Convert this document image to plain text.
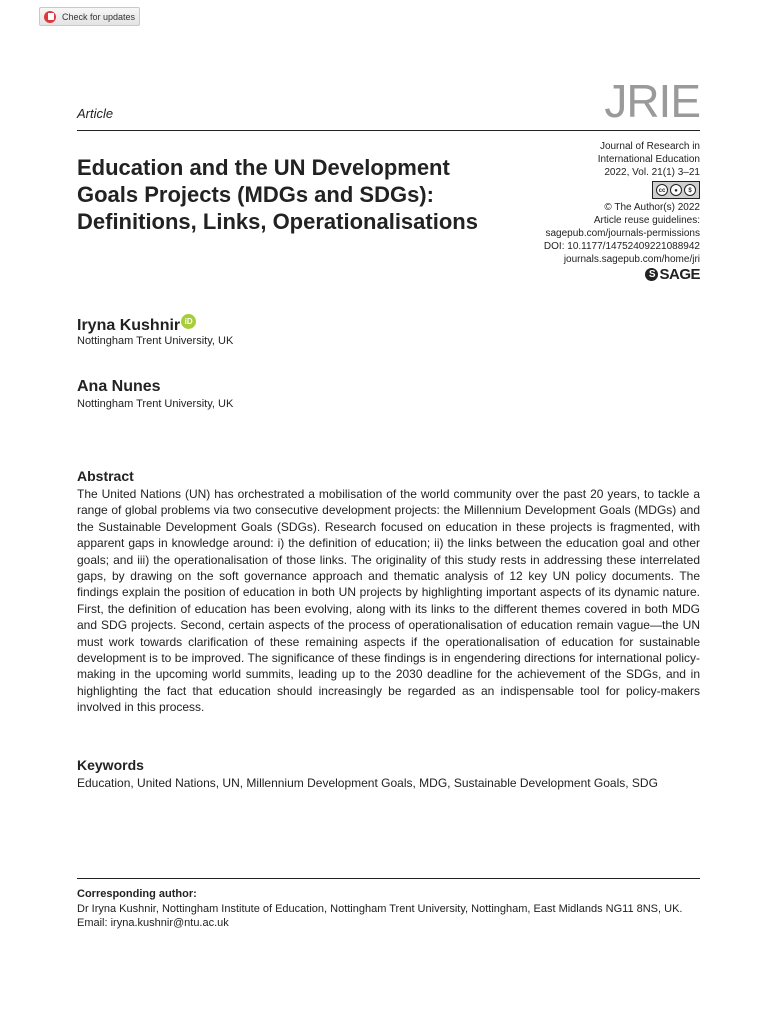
Check for updates
Article	JRIE
Education and the UN Development Goals Projects (MDGs and SDGs): Definitions, Links, Operationalisations
Journal of Research in
International Education
2022, Vol. 21(1) 3–21
cc	●	$
© The Author(s) 2022
Article reuse guidelines:
sagepub.com/journals-permissions
DOI: 10.1177/14752409221088942
journals.sagepub.com/home/jri
S SAGE
Iryna Kushnir iD
Nottingham Trent University, UK
Ana Nunes
Nottingham Trent University, UK
Abstract

The United Nations (UN) has orchestrated a mobilisation of the world community over the past 20 years, to tackle a range of global problems via two consecutive development projects: the Millennium Development Goals (MDGs) and the Sustainable Development Goals (SDGs). Research focused on education in these projects is fragmented, with apparent gaps in knowledge around: i) the definition of education; ii) the links between the education goal and other goals; and iii) the operationalisation of those links. The originality of this study rests in addressing these interrelated gaps, by drawing on the soft governance approach and thematic analysis of 12 key UN policy documents. The findings explain the position of education in both UN projects by highlighting important aspects of its dynamic nature. First, the definition of education has been evolving, along with its links to the different themes covered in both MDG and SDG projects. Second, certain aspects of the process of operationalisation of education remain vague—the UN must work towards clarification of these remaining aspects if the operationalisation of education for sustainable development is to be improved. The significance of these findings is in engendering directions for international policy-making in the upcoming world summits, leading up to the 2030 deadline for the achievement of the SDGs, and in highlighting the fact that education should increasingly be regarded as an indispensable tool for policy-makers involved in this process.

Keywords

Education, United Nations, UN, Millennium Development Goals, MDG, Sustainable Development Goals, SDG

Corresponding author:
Dr Iryna Kushnir, Nottingham Institute of Education, Nottingham Trent University, Nottingham, East Midlands NG11 8NS, UK.
Email: iryna.kushnir@ntu.ac.uk
